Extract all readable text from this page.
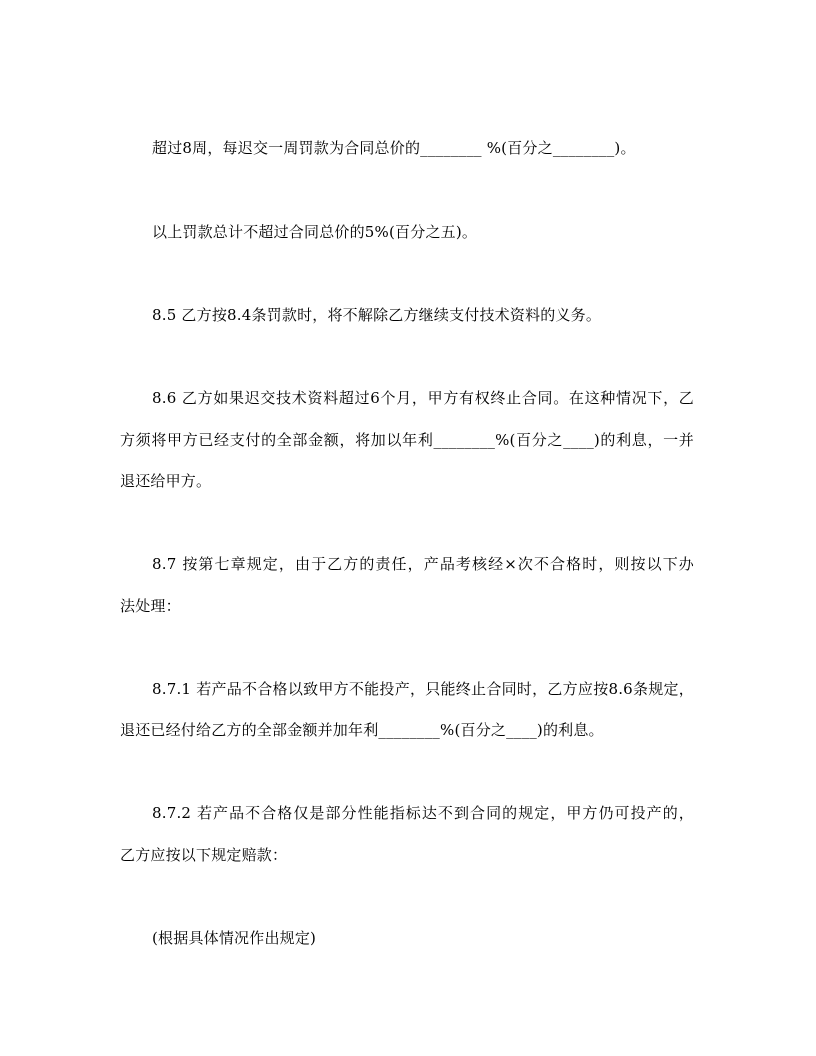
超过8周，每迟交一周罚款为合同总价的________ %(百分之________)。
以上罚款总计不超过合同总价的5%(百分之五)。
8.5 乙方按8.4条罚款时，将不解除乙方继续支付技术资料的义务。
8.6 乙方如果迟交技术资料超过6个月，甲方有权终止合同。在这种情况下，乙
方须将甲方已经支付的全部金额，将加以年利________%(百分之____)的利息，一并
退还给甲方。
8.7 按第七章规定，由于乙方的责任，产品考核经×次不合格时，则按以下办
法处理：
8.7.1 若产品不合格以致甲方不能投产，只能终止合同时，乙方应按8.6条规定，
退还已经付给乙方的全部金额并加年利________%(百分之____)的利息。
8.7.2 若产品不合格仅是部分性能指标达不到合同的规定，甲方仍可投产的，
乙方应按以下规定赔款：
(根据具体情况作出规定)
